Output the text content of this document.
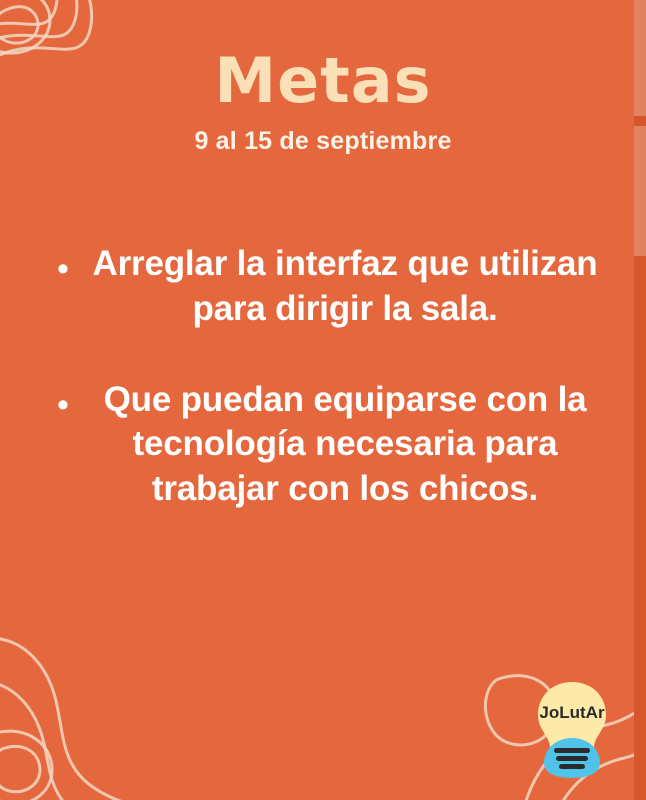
Metas
9 al 15 de septiembre
• Arreglar la interfaz que utilizan para dirigir la sala.
• Que puedan equiparse con la tecnología necesaria para trabajar con los chicos.
JoLutAr
